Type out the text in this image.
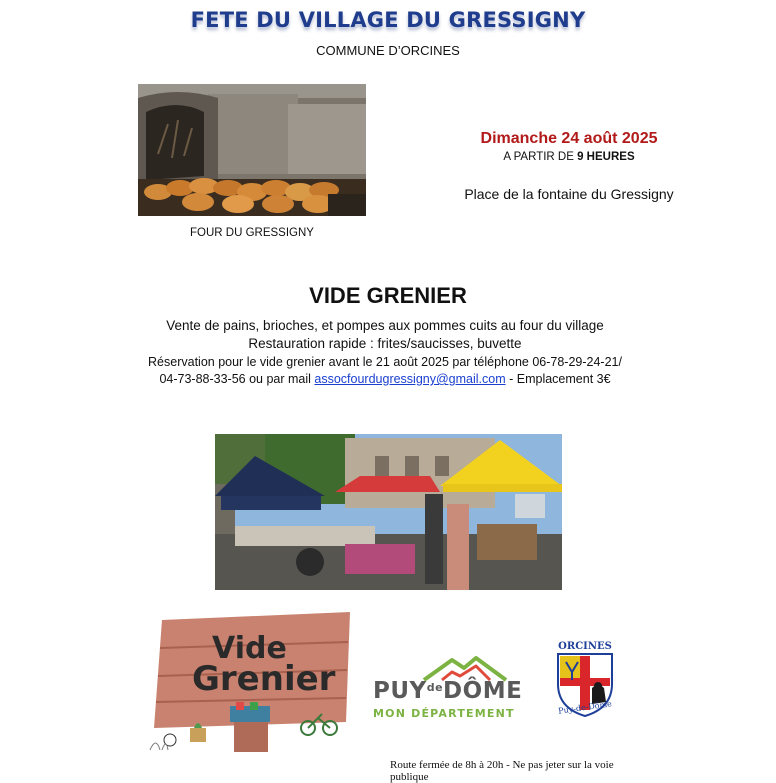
FETE DU VILLAGE DU GRESSIGNY
COMMUNE D’ORCINES
FOUR DU GRESSIGNY
Dimanche 24 août 2025
A PARTIR DE 9 HEURES
Place de la fontaine du Gressigny
VIDE GRENIER
Vente de pains, brioches, et pompes aux pommes cuits au four du village
Restauration rapide : frites/saucisses, buvette
Réservation pour le vide grenier avant le 21 août 2025 par téléphone 06-78-29-24-21/
04-73-88-33-56 ou par mail assocfourdugressigny@gmail.com - Emplacement 3€
Vide
Grenier $PUY^{de}DÔME$
MON DÉPARTEMENT
ORCINES
Puy-de-Dôme
Route fermée de 8h à 20h - Ne pas jeter sur la voie publique
